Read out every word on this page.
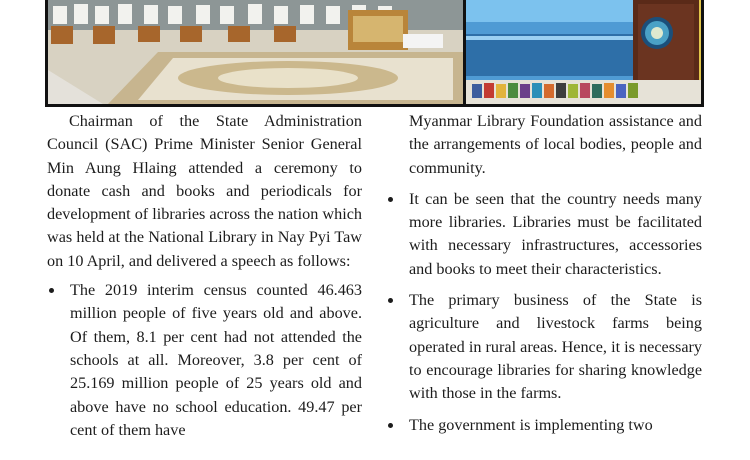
Chairman of the State Administration Council (SAC) Prime Minister Senior General Min Aung Hlaing attended a ceremony to donate cash and books and periodicals for development of libraries across the nation which was held at the National Library in Nay Pyi Taw on 10 April, and delivered a speech as follows:

The 2019 interim census counted 46.463 million people of five years old and above. Of them, 8.1 per cent had not attended the schools at all. Moreover, 3.8 per cent of 25.169 million people of 25 years old and above have no school education. 49.47 per cent of them have

Myanmar Library Foundation assistance and the arrangements of local bodies, people and community.

It can be seen that the country needs many more libraries. Libraries must be facilitated with necessary infrastructures, accessories and books to meet their characteristics.
The primary business of the State is agriculture and livestock farms being operated in rural areas. Hence, it is necessary to encourage libraries for sharing knowledge with those in the farms.
The government is implementing two
